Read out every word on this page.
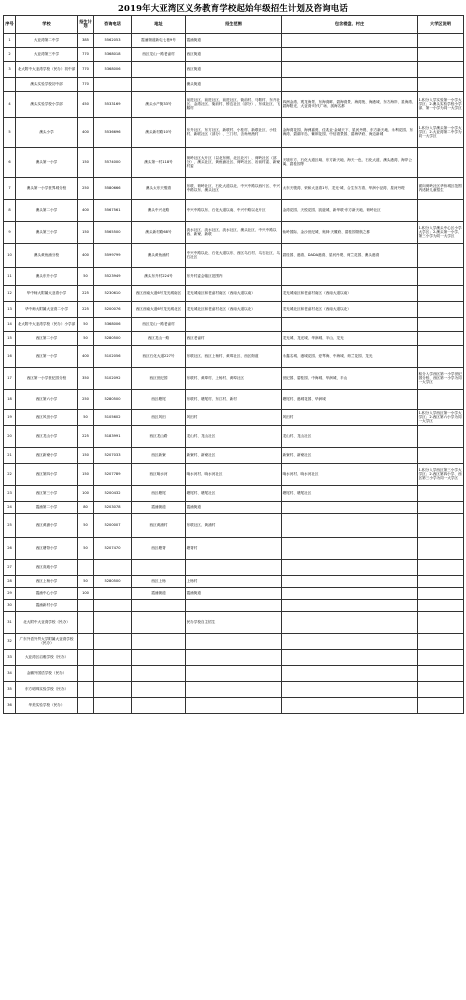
2019年大亚湾区义务教育学校起始年级招生计划及咨询电话
序号	学校	招生计划	咨询电话	地址	招生范围	包含楼盘、村庄	大学区说明
1	大亚湾第二中学	385	5562053	霞涌街道新屯七巷9号	霞涌街道		
2	大亚湾第三中学	770	5368018	西区龙山一路老畲村	西区街道		
3	北大附中大亚湾学校（民办）初中部	770	5368006		西区街道		
	澳头实验学校初中部	770			澳头街道		
4	澳头实验学校小学部	450	5533169	澳头水产街33号	前进社区、前进社区、前进社区、衙前村、马鞍村、东升社区、金湾社区、衙前村、桥边社区（部分）、东成社区、飞鹅村	四洲金湾、观龙海景、东海湾畔、碧海湾景、海湾苑、海港城、东方海岸、星海湾、碧海阳光、大亚湾·时代广场、滨海名都	1.积分入学实验第一小学大学区；2.澳头实验学校小学部、第一小学为同一大学区
5	澳头小学	400	5536696	澳头新村路10号	东升社区、东方社区、新联村、小桂村、新联社区、小桂村、新联社区（部分）、三门村、含角州渔村	金海湾花园、海洲嘉苑、佳兆业·金域天下、星河丹堤、东方新天地、永利花园、东海湾、碧湖半岛、紫荆花园、中信湾景园、碧海华府、海边新城	1.积分入学澳头第一小学大学区；2.大亚湾第二中学为同一大学区
6	澳头第一小学	150	5574000	澳头第一村118号	荷岭社区大片区（以北东侧、北区北片）、荷岭社区（部分）、澳头社区、黄鱼涌社区、荷岭社区、岩前村委、新寮村委	天境东方、石化大道区域、东方新天地、海天一色、石化大道、澳头港湾、海岸公寓、碧桂园等	
7	澳头第一小学世界城分校	250	5580666	澳头太东天骏湾	东联、荷岭社区、石化大道以北、中兴中路以西片区、中兴中路以东、澳头社区	太东天骏湾、荣和大亚湾1号、龙光·城、合生东方湾、华润小径湾、星河丹堤	面向荷岭社区华侨城区范围内适龄儿童招生
8	澳头第二小学	400	5567561	澳头中兴北路	中兴中路以东、石化大道以南、中兴中路以北片区	金湾花园、天悦花园、凯旋城、新华联·东方新天地、荷岭社区	
9	澳头第三小学	150	5565500	澳头新村路68号	淡水社区、淡水社区、淡水社区、澳头社区、中兴中路以西、新寮、新联	仙岭国际、金沙世纪城、奥林·天麓府、碧桂园领航之都	1.积分入学澳头中心区小学大学区；2.澳头第一小学、第三小学为同一大学区
10	澳头黄鱼涌分校	400	5599799	澳头黄鱼涌村	中兴中路以北、石化大道以东、西区乌石村、乌石社区、乌石社区	碧桂园、港湾、DADA港湾、星河丹堤、荷兰花园、澳头港湾	
11	澳头东升小学	50	5523949	澳头东升村224号	东升村委会辖区范围内		
12	华中师大附属大亚湾小学	225	5230610	西区西南大道6号龙光城南区	龙光城南区和老畲村南区（西南大道以南）	龙光城南区和老畲村南区（西南大道以南）	
13	华中师大附属大亚湾二小学	225	5200076	西区西南大道6号龙光城北区	龙光城北区和老畲村北区（西南大道以北）	龙光城北区和老畲村北区（西南大道以北）	
14	北大附中大亚湾学校（民办）小学部	50	5368006	西区龙山一路老畲村			
15	西区第二小学	50	5280500	西区龙山一路	西区老畲村	龙光城、龙光城、华润城、半山、龙光	
16	西区第一小学	400	5102056	西区石化大道227号	东联社区、西区上杨村、黄埠社区、西区街道	永鑫名城、港城花园、爱琴海、中海城、荷兰花园、龙光	
17	西区第一小学世纪园分校	350	5102092	西区世纪园	东联村、黄埠村、上杨村、黄埠社区	世纪园、碧桂园、中海城、华润城、半山	积分入学西区第一小学世纪园分校、西区第一小学为同一大学区
18	西区第六小学	250	5280500	西区塘尾	东联村、塘尾村、东江村、新村	塘尾村、港城花园、华润城	
19	西区风田小学	50	5105602	西区风田	风田村	风田村	1.积分入学西区第一小学大学区；2.西区第六小学为同一大学区
20	西区龙山小学	225	5183991	西区龙山路	龙山村、龙山社区	龙山村、龙山社区	
21	西区新寮小学	150	5207033	西区新寮	新寮村、新寮社区	新寮村、新寮社区	
22	西区第四小学	150	5207789	西区响水河	响水河村、响水河社区	响水河村、响水河社区	1.积分入学西区第三小学大学区；2.西区第四小学、西区第三小学为同一大学区
23	西区第三小学	100	5200432	西区塘尾	塘尾村、塘尾社区	塘尾村、塘尾社区	
24	霞涌第二小学	80	5203078	霞涌街道	霞涌街道		
25	西区黄浦小学	50	5200007	西区黄浦村	东联社区、黄浦村		
26	西区塘背小学	50	5207470	西区塘背	塘背村		
27	西区高迪小学						
28	西区上杨小学	50	5280500	西区上杨	上杨村		
29	霞涌中心小学	100		霞涌街道	霞涌街道		
30	霞涌新村小学						
31	北大附中大亚湾学校（民办）				民办学校自主招生		
32	广东外语外贸大学附属大亚湾学校（民办）						
33	大亚湾区启雅学校（民办）						
34	金鹏外国语学校（民办）						
35	东方明珠实验学校（民办）						
36	华美实验学校（民办）						
